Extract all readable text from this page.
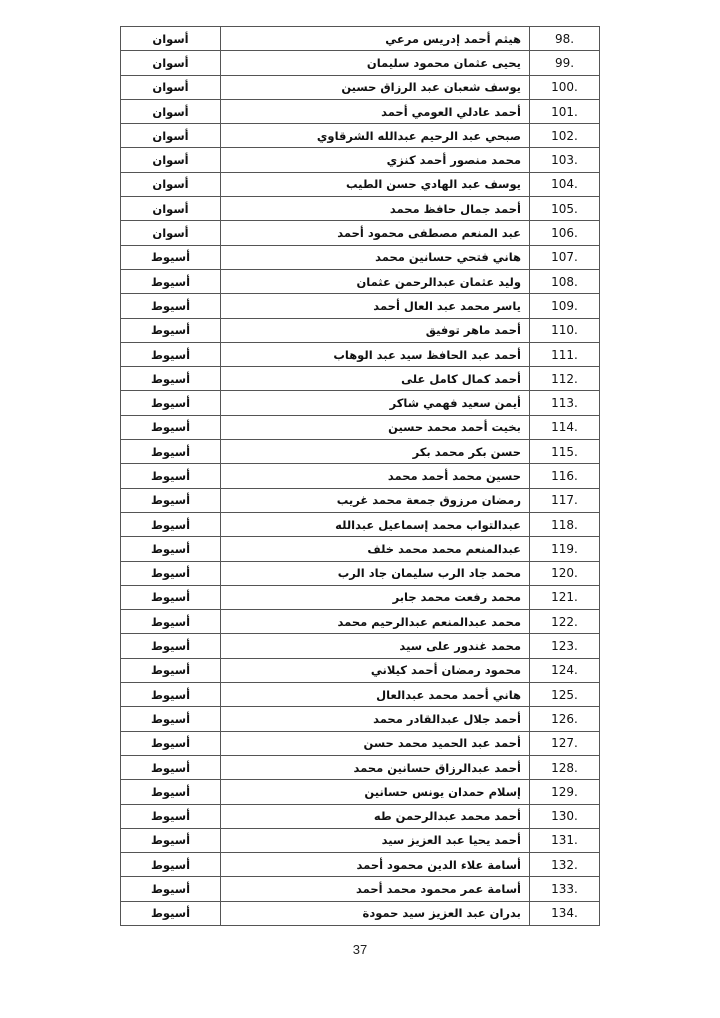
98.	هيثم أحمد إدريس مرعي	أسوان
99.	يحيى عثمان محمود سليمان	أسوان
100.	يوسف شعبان عبد الرزاق حسين	أسوان
101.	أحمد عادلي العومي أحمد	أسوان
102.	صبحي عبد الرحيم عبدالله الشرقاوي	أسوان
103.	محمد منصور أحمد كنزي	أسوان
104.	يوسف عبد الهادي حسن الطيب	أسوان
105.	أحمد جمال حافظ محمد	أسوان
106.	عبد المنعم مصطفى محمود أحمد	أسوان
107.	هاني فتحي حسانين محمد	أسيوط
108.	وليد عثمان عبدالرحمن عثمان	أسيوط
109.	ياسر محمد عبد العال أحمد	أسيوط
110.	أحمد ماهر توفيق	أسيوط
111.	أحمد عبد الحافظ سيد عبد الوهاب	أسيوط
112.	أحمد كمال كامل على	أسيوط
113.	أيمن سعيد فهمي شاكر	أسيوط
114.	بخيت أحمد محمد حسين	أسيوط
115.	حسن بكر محمد بكر	أسيوط
116.	حسين محمد أحمد محمد	أسيوط
117.	رمضان مرزوق جمعة محمد غريب	أسيوط
118.	عبدالتواب محمد إسماعيل عبدالله	أسيوط
119.	عبدالمنعم محمد محمد خلف	أسيوط
120.	محمد جاد الرب سليمان جاد الرب	أسيوط
121.	محمد رفعت محمد جابر	أسيوط
122.	محمد عبدالمنعم عبدالرحيم محمد	أسيوط
123.	محمد غندور على سيد	أسيوط
124.	محمود رمضان أحمد كيلاني	أسيوط
125.	هاني أحمد محمد عبدالعال	أسيوط
126.	أحمد جلال عبدالقادر محمد	أسيوط
127.	أحمد عبد الحميد محمد حسن	أسيوط
128.	أحمد عبدالرزاق حسانين محمد	أسيوط
129.	إسلام حمدان يونس حسانين	أسيوط
130.	أحمد محمد عبدالرحمن طه	أسيوط
131.	أحمد يحيا عبد العزيز سيد	أسيوط
132.	أسامة علاء الدين محمود أحمد	أسيوط
133.	أسامة عمر محمود محمد أحمد	أسيوط
134.	بدران عبد العزيز سيد حمودة	أسيوط
37
